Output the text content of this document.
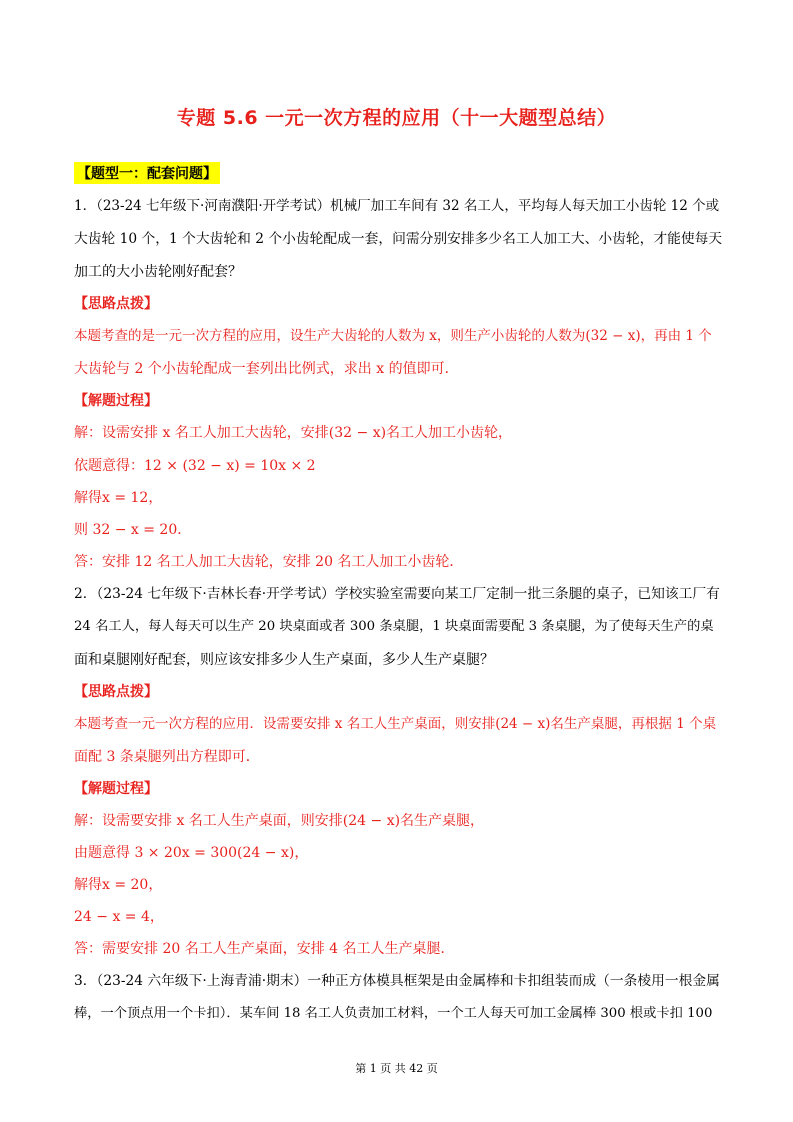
专题 5.6 一元一次方程的应用（十一大题型总结）
【题型一：配套问题】
1．（23-24 七年级下·河南濮阳·开学考试）机械厂加工车间有 32 名工人，平均每人每天加工小齿轮 12 个或
大齿轮 10 个，1 个大齿轮和 2 个小齿轮配成一套，问需分别安排多少名工人加工大、小齿轮，才能使每天
加工的大小齿轮刚好配套？
【思路点拨】
本题考查的是一元一次方程的应用，设生产大齿轮的人数为 x，则生产小齿轮的人数为(32 − x)，再由 1 个
大齿轮与 2 个小齿轮配成一套列出比例式，求出 x 的值即可．
【解题过程】
解：设需安排 x 名工人加工大齿轮，安排(32 − x)名工人加工小齿轮，
依题意得：12 × (32 − x) = 10x × 2
解得x = 12，
则 32 − x = 20．
答：安排 12 名工人加工大齿轮，安排 20 名工人加工小齿轮．
2．（23-24 七年级下·吉林长春·开学考试）学校实验室需要向某工厂定制一批三条腿的桌子，已知该工厂有
24 名工人，每人每天可以生产 20 块桌面或者 300 条桌腿，1 块桌面需要配 3 条桌腿，为了使每天生产的桌
面和桌腿刚好配套，则应该安排多少人生产桌面，多少人生产桌腿？
【思路点拨】
本题考查一元一次方程的应用．设需要安排 x 名工人生产桌面，则安排(24 − x)名生产桌腿，再根据 1 个桌
面配 3 条桌腿列出方程即可．
【解题过程】
解：设需要安排 x 名工人生产桌面，则安排(24 − x)名生产桌腿，
由题意得 3 × 20x = 300(24 − x)，
解得x = 20，
24 − x = 4，
答：需要安排 20 名工人生产桌面，安排 4 名工人生产桌腿．
3．（23-24 六年级下·上海青浦·期末）一种正方体模具框架是由金属棒和卡扣组装而成（一条棱用一根金属
棒，一个顶点用一个卡扣）．某车间 18 名工人负责加工材料，一个工人每天可加工金属棒 300 根或卡扣 100
第 1 页 共 42 页
